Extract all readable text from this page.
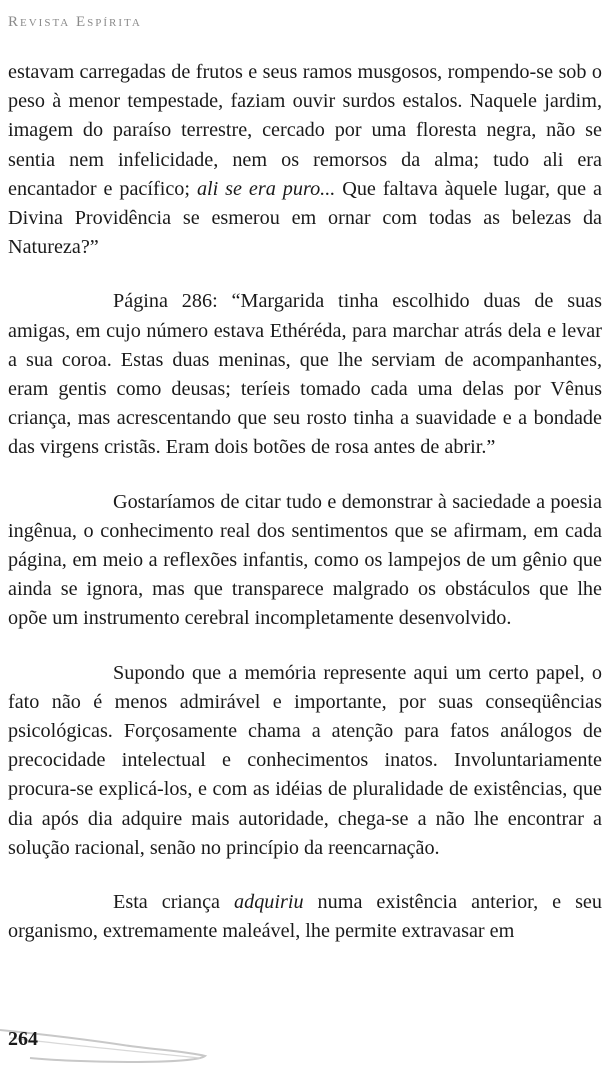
Revista Espírita

estavam carregadas de frutos e seus ramos musgosos, rompendo-se sob o peso à menor tempestade, faziam ouvir surdos estalos. Naquele jardim, imagem do paraíso terrestre, cercado por uma floresta negra, não se sentia nem infelicidade, nem os remorsos da alma; tudo ali era encantador e pacífico; ali se era puro... Que faltava àquele lugar, que a Divina Providência se esmerou em ornar com todas as belezas da Natureza?”

Página 286: “Margarida tinha escolhido duas de suas amigas, em cujo número estava Ethéréda, para marchar atrás dela e levar a sua coroa. Estas duas meninas, que lhe serviam de acompanhantes, eram gentis como deusas; teríeis tomado cada uma delas por Vênus criança, mas acrescentando que seu rosto tinha a suavidade e a bondade das virgens cristãs. Eram dois botões de rosa antes de abrir.”

Gostaríamos de citar tudo e demonstrar à saciedade a poesia ingênua, o conhecimento real dos sentimentos que se afirmam, em cada página, em meio a reflexões infantis, como os lampejos de um gênio que ainda se ignora, mas que transparece malgrado os obstáculos que lhe opõe um instrumento cerebral incompletamente desenvolvido.

Supondo que a memória represente aqui um certo papel, o fato não é menos admirável e importante, por suas conseqüências psicológicas. Forçosamente chama a atenção para fatos análogos de precocidade intelectual e conhecimentos inatos. Involuntariamente procura-se explicá-los, e com as idéias de pluralidade de existências, que dia após dia adquire mais autoridade, chega-se a não lhe encontrar a solução racional, senão no princípio da reencarnação.

Esta criança adquiriu numa existência anterior, e seu organismo, extremamente maleável, lhe permite extravasar em

264
